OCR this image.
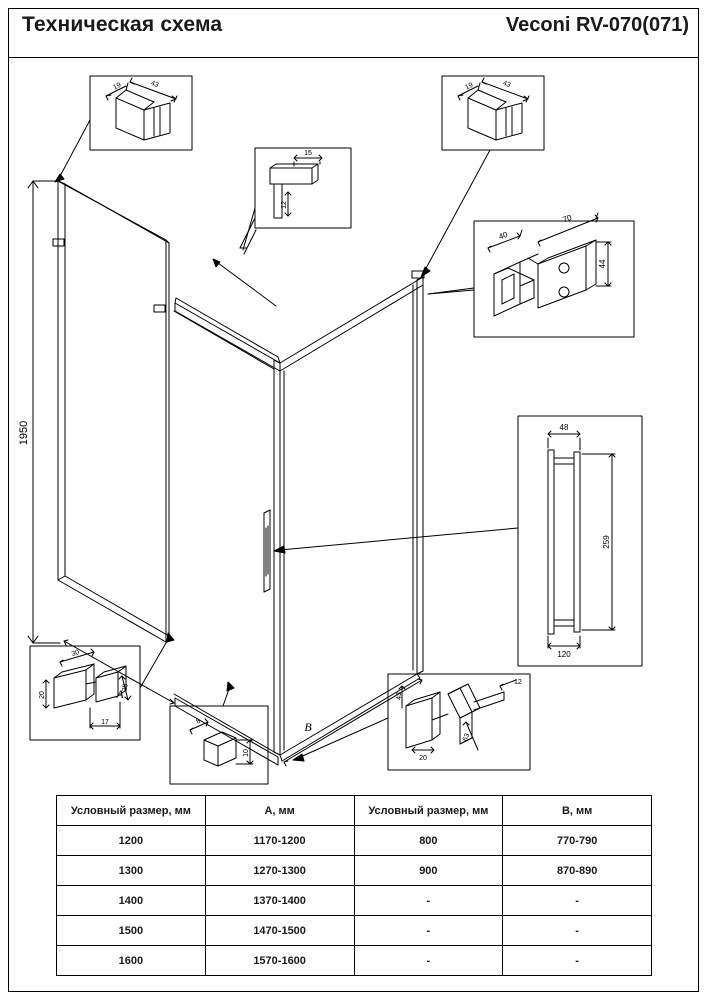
Техническая схема	Veconi RV-070(071)
1950
A
B
19	43	19	43
15
12
40
70
44
48
259
120
30
20
25
17	8
10
43
12
63
20
Условный размер, мм	A, мм	Условный размер, мм	B, мм
1200	1170-1200	800	770-790
1300	1270-1300	900	870-890
1400	1370-1400	-	-
1500	1470-1500	-	-
1600	1570-1600	-	-
